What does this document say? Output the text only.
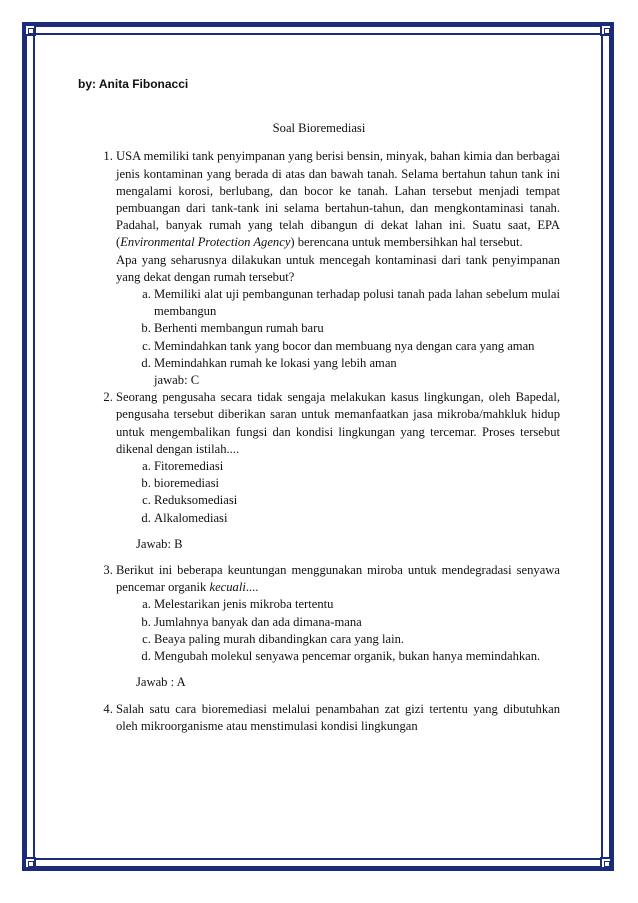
by: Anita Fibonacci

Soal Bioremediasi

1. USA memiliki tank penyimpanan yang berisi bensin, minyak, bahan kimia dan berbagai jenis kontaminan yang berada di atas dan bawah tanah. Selama bertahun tahun tank ini mengalami korosi, berlubang, dan bocor ke tanah. Lahan tersebut menjadi tempat pembuangan dari tank-tank ini selama bertahun-tahun, dan mengkontaminasi tanah. Padahal, banyak rumah yang telah dibangun di dekat lahan ini. Suatu saat, EPA (Environmental Protection Agency) berencana untuk membersihkan hal tersebut.
Apa yang seharusnya dilakukan untuk mencegah kontaminasi dari tank penyimpanan yang dekat dengan rumah tersebut?
a. Memiliki alat uji pembangunan terhadap polusi tanah pada lahan sebelum mulai membangun
b. Berhenti membangun rumah baru
c. Memindahkan tank yang bocor dan membuang nya dengan cara yang aman
d. Memindahkan rumah ke lokasi yang lebih aman
jawab: C
2. Seorang pengusaha secara tidak sengaja melakukan kasus lingkungan, oleh Bapedal, pengusaha tersebut diberikan saran untuk memanfaatkan jasa mikroba/mahkluk hidup untuk mengembalikan fungsi dan kondisi lingkungan yang tercemar. Proses tersebut dikenal dengan istilah....
a. Fitoremediasi
b. bioremediasi
c. Reduksomediasi
d. Alkalomediasi
Jawab: B
3. Berikut ini beberapa keuntungan menggunakan miroba untuk mendegradasi senyawa pencemar organik kecuali....
a. Melestarikan jenis mikroba tertentu
b. Jumlahnya banyak dan ada dimana-mana
c. Beaya paling murah dibandingkan cara yang lain.
d. Mengubah molekul senyawa pencemar organik, bukan hanya memindahkan.
Jawab : A
4. Salah satu cara bioremediasi melalui penambahan zat gizi tertentu yang dibutuhkan oleh mikroorganisme atau menstimulasi kondisi lingkungan
